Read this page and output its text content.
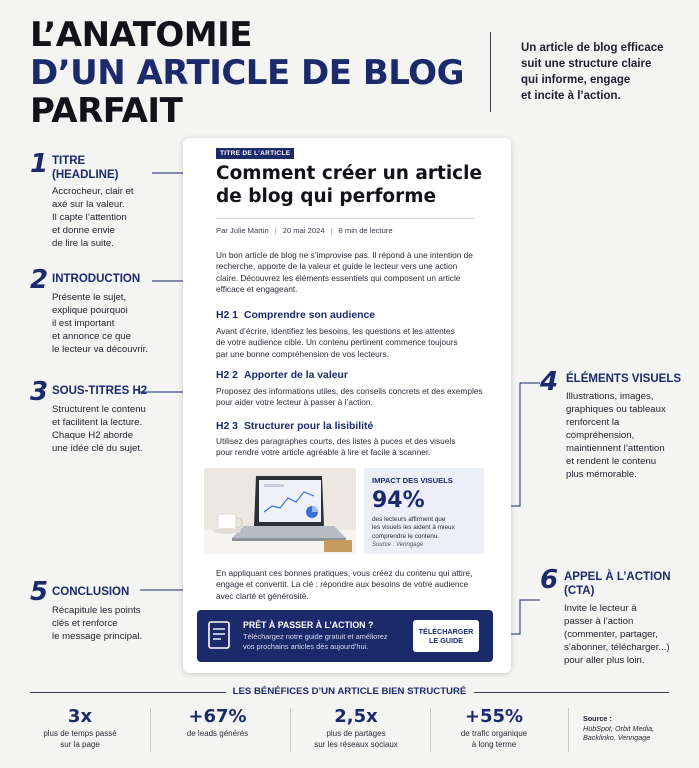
L’ANATOMIE
D’UN ARTICLE DE BLOG
PARFAIT
Un article de blog efficace
suit une structure claire
qui informe, engage
et incite à l’action.
1 TITRE
(HEADLINE)
Accrocheur, clair et
axé sur la valeur.
Il capte l’attention
et donne envie
de lire la suite.
2 INTRODUCTION
Présente le sujet,
explique pourquoi
il est important
et annonce ce que
le lecteur va découvrir.
3 SOUS-TITRES H2
Structurent le contenu
et facilitent la lecture.
Chaque H2 aborde
une idée clé du sujet.
4 ÉLÉMENTS VISUELS
Illustrations, images,
graphiques ou tableaux
renforcent la
compréhension,
maintiennent l’attention
et rendent le contenu
plus mémorable.
5 CONCLUSION
Récapitule les points
clés et renforce
le message principal.
6 APPEL À L’ACTION
(CTA)
Invite le lecteur à
passer à l’action
(commenter, partager,
s’abonner, télécharger...)
pour aller plus loin.
TITRE DE L’ARTICLE
Comment créer un article
de blog qui performe
Par Julie Martin | 20 mai 2024 | 8 min de lecture
Un bon article de blog ne s’improvise pas. Il répond à une intention de
recherche, apporte de la valeur et guide le lecteur vers une action
claire. Découvrez les éléments essentiels qui composent un article
efficace et engageant.
H2 1 Comprendre son audience
Avant d’écrire, identifiez les besoins, les questions et les attentes
de votre audience cible. Un contenu pertinent commence toujours
par une bonne compréhension de vos lecteurs.
H2 2 Apporter de la valeur
Proposez des informations utiles, des conseils concrets et des exemples
pour aider votre lecteur à passer à l’action.
H2 3 Structurer pour la lisibilité
Utilisez des paragraphes courts, des listes à puces et des visuels
pour rendre votre article agréable à lire et facile à scanner.
IMPACT DES VISUELS
94%
des lecteurs affirment que
les visuels les aident à mieux
comprendre le contenu.
Source : Venngage
En appliquant ces bonnes pratiques, vous créez du contenu qui attire,
engage et convertit. La clé : répondre aux besoins de votre audience
avec clarté et générosité.
PRÊT À PASSER À L’ACTION ?
Téléchargez notre guide gratuit et améliorez
vos prochains articles dès aujourd’hui.
TÉLÉCHARGER
LE GUIDE
LES BÉNÉFICES D’UN ARTICLE BIEN STRUCTURÉ
3x
plus de temps passé
sur la page
+67%
de leads générés
2,5x
plus de partages
sur les réseaux sociaux
+55%
de trafic organique
à long terme
Source :
HubSpot, Orbit Media,
Backlinko, Venngage
